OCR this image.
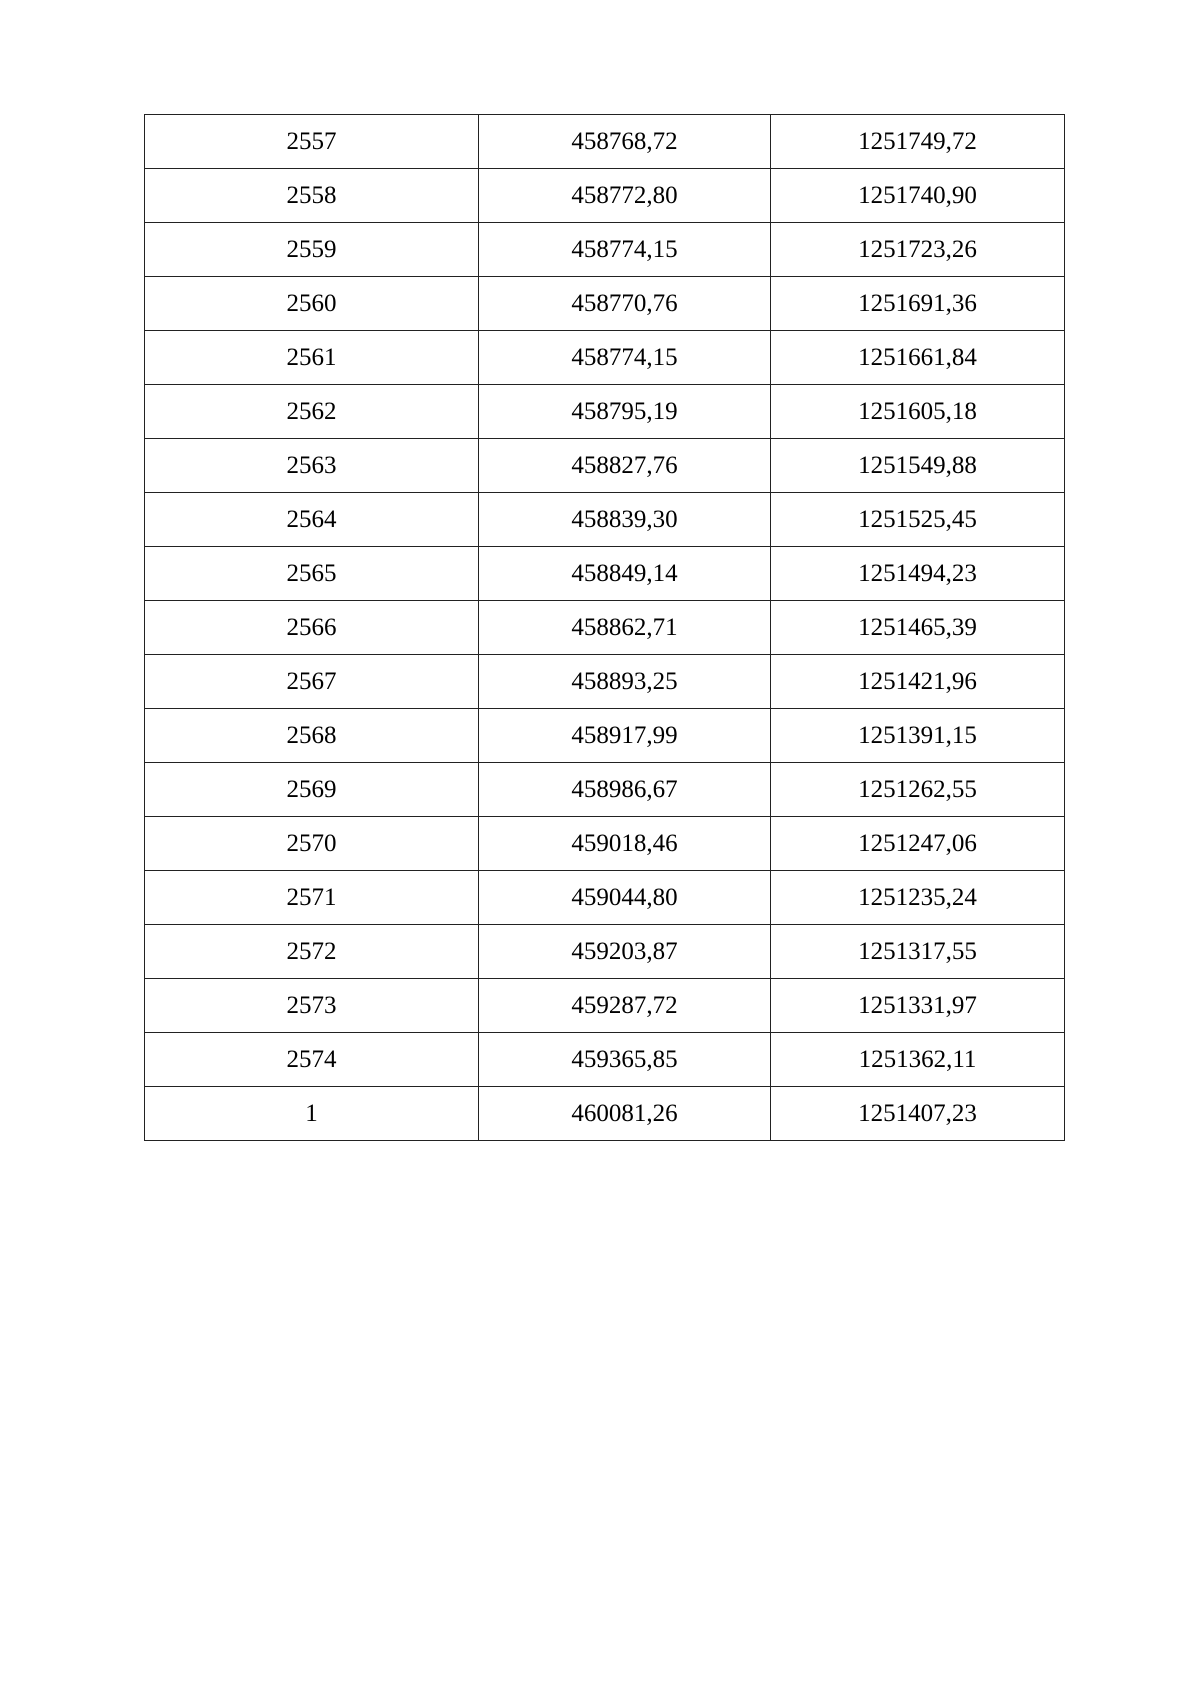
2557	458768,72	1251749,72
2558	458772,80	1251740,90
2559	458774,15	1251723,26
2560	458770,76	1251691,36
2561	458774,15	1251661,84
2562	458795,19	1251605,18
2563	458827,76	1251549,88
2564	458839,30	1251525,45
2565	458849,14	1251494,23
2566	458862,71	1251465,39
2567	458893,25	1251421,96
2568	458917,99	1251391,15
2569	458986,67	1251262,55
2570	459018,46	1251247,06
2571	459044,80	1251235,24
2572	459203,87	1251317,55
2573	459287,72	1251331,97
2574	459365,85	1251362,11
1	460081,26	1251407,23
